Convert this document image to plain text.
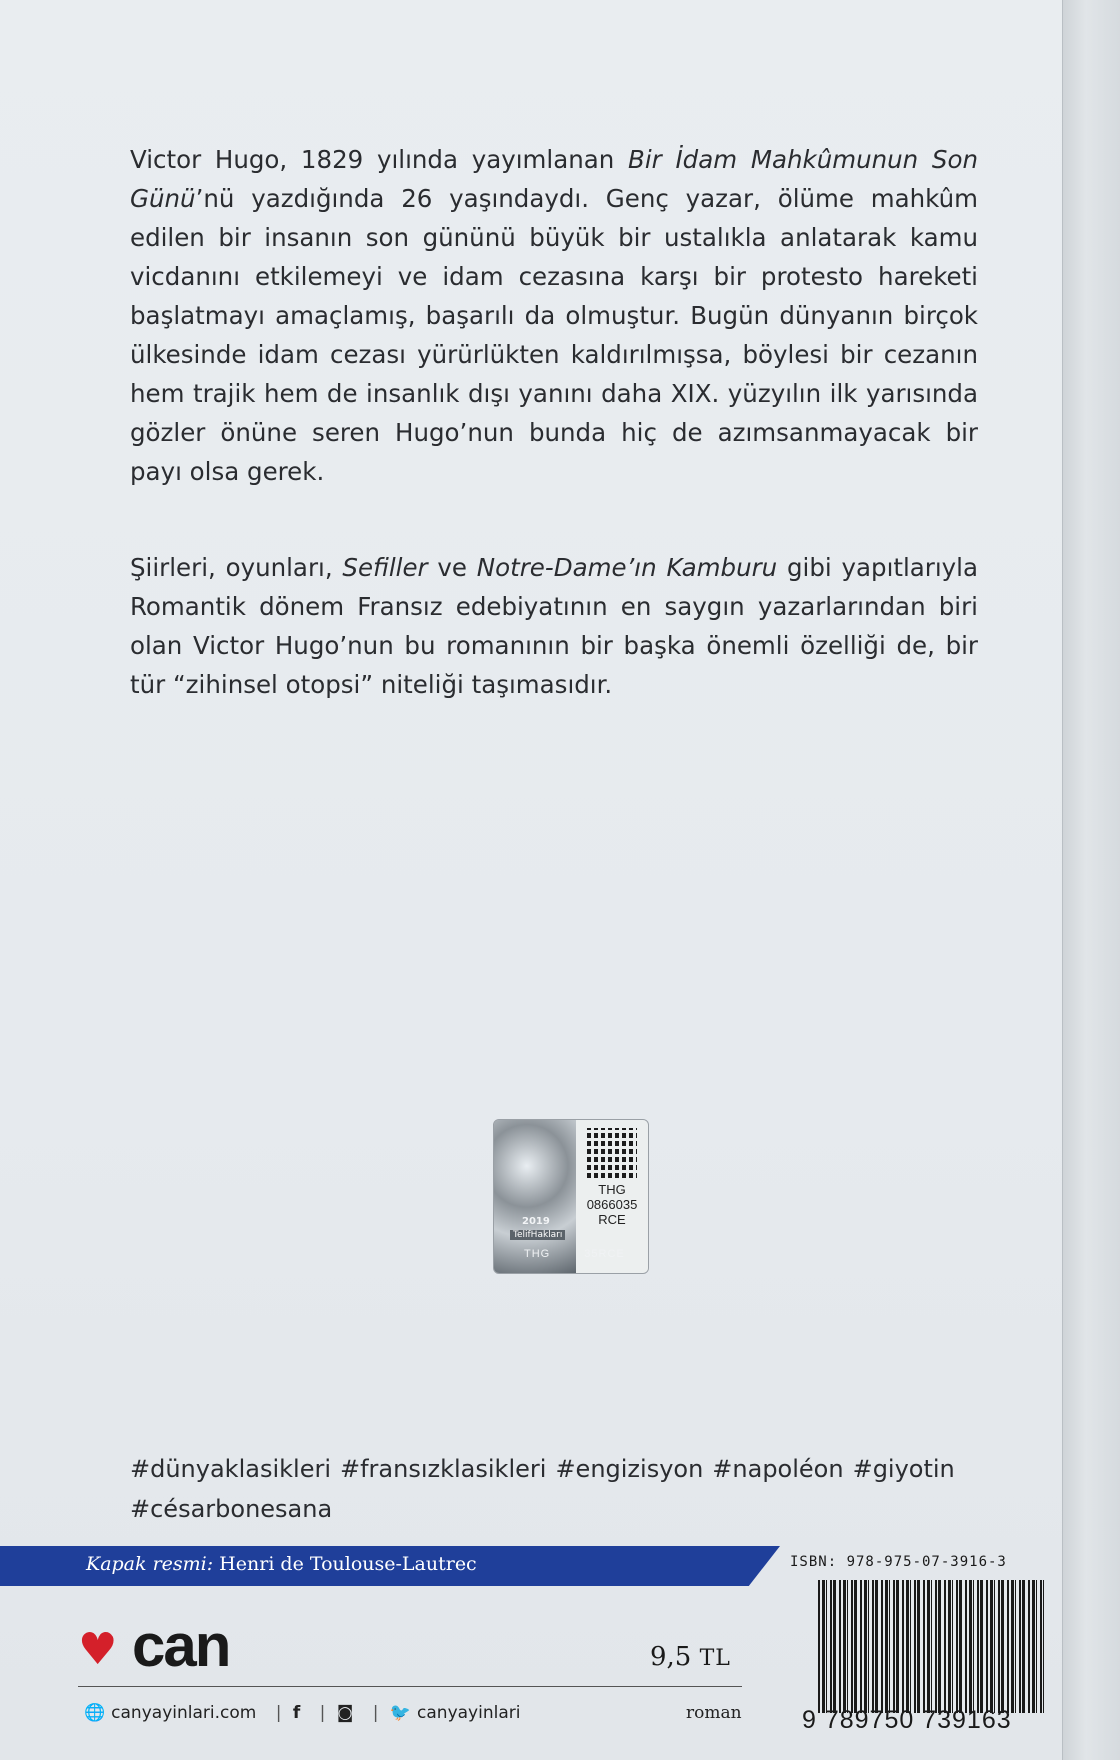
Victor Hugo, 1829 yılında yayımlanan Bir İdam Mahkûmunun Son Günü’nü yazdığında 26 yaşındaydı. Genç yazar, ölüme mahkûm edilen bir insanın son gününü büyük bir ustalıkla anlatarak kamu vicdanını etkilemeyi ve idam cezasına karşı bir protesto hareketi başlatmayı amaçlamış, başarılı da olmuştur. Bugün dünyanın birçok ülkesinde idam cezası yürürlükten kaldırılmışsa, böylesi bir cezanın hem trajik hem de insanlık dışı yanını daha XIX. yüzyılın ilk yarısında gözler önüne seren Hugo’nun bunda hiç de azımsanmayacak bir payı olsa gerek.

Şiirleri, oyunları, Sefiller ve Notre-Dame’ın Kamburu gibi yapıtlarıyla Romantik dönem Fransız edebiyatının en saygın yazarlarından biri olan Victor Hugo’nun bu romanının bir başka önemli özelliği de, bir tür “zihinsel otopsi” niteliği taşımasıdır.

2019
TelifHakları
THG
0866035
RCE
THG	35RCE
#dünyaklasikleri #fransızklasikleri #engizisyon #napoléon #giyotin
#césarbonesana
Kapak resmi: Henri de Toulouse-Lautrec
♥ can	9,5 TL
🌐 canyayinlari.com | f | ◙ | 🐦 canyayinlari	roman
ISBN: 978-975-07-3916-3
9 789750 739163
